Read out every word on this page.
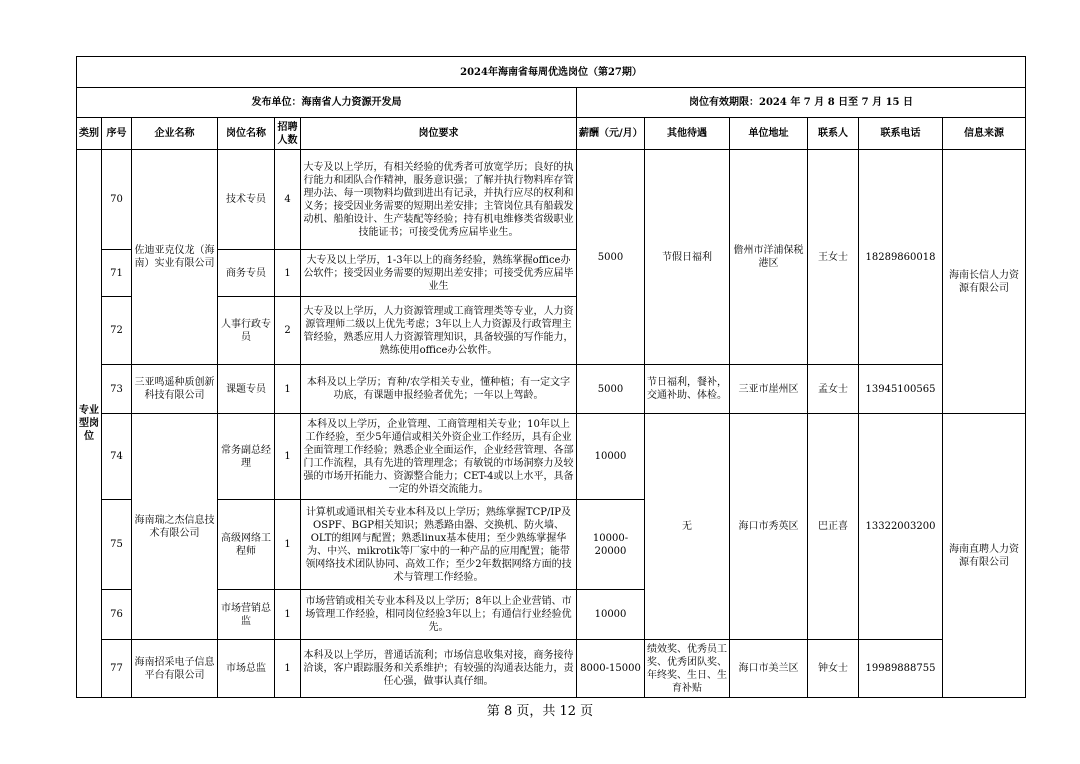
2024年海南省每周优选岗位（第27期）											
发布单位：海南省人力资源开发局						岗位有效期限：2024 年 7 月 8 日至 7 月 15 日					
类别	序号	企业名称	岗位名称	招聘人数	岗位要求	薪酬（元/月）	其他待遇	单位地址	联系人	联系电话	信息来源
专业型岗位	70	佐迪亚克仪龙（海南）实业有限公司	技术专员	4	大专及以上学历，有相关经验的优秀者可放宽学历；良好的执行能力和团队合作精神，服务意识强；了解并执行物料库存管理办法、每一项物料均做到进出有记录，并执行应尽的权利和义务；接受因业务需要的短期出差安排；主管岗位具有船载发动机、船舶设计、生产装配等经验；持有机电维修类省级职业技能证书；可接受优秀应届毕业生。	5000	节假日福利	儋州市洋浦保税港区	王女士	18289860018	海南长信人力资源有限公司
	71		商务专员	1	大专及以上学历，1-3年以上的商务经验，熟练掌握office办公软件；接受因业务需要的短期出差安排；可接受优秀应届毕业生						
	72		人事行政专员	2	大专及以上学历，人力资源管理或工商管理类等专业，人力资源管理师二级以上优先考虑；3年以上人力资源及行政管理主管经验，熟悉应用人力资源管理知识，具备较强的写作能力，熟练使用office办公软件。						
	73	三亚鸣遥种质创新科技有限公司	课题专员	1	本科及以上学历；育种/农学相关专业，懂种植；有一定文字功底，有课题申报经验者优先；一年以上驾龄。	5000	节日福利，餐补，交通补助、体检。	三亚市崖州区	孟女士	13945100565	
	74	海南瑞之杰信息技术有限公司	常务副总经理	1	本科及以上学历，企业管理、工商管理相关专业；10年以上工作经验，至少5年通信或相关外资企业工作经历，具有企业全面管理工作经验；熟悉企业全面运作，企业经营管理、各部门工作流程，具有先进的管理理念；有敏锐的市场洞察力及较强的市场开拓能力、资源整合能力；CET-4或以上水平，具备一定的外语交流能力。	10000	无	海口市秀英区	巴正喜	13322003200	海南直聘人力资源有限公司
	75		高级网络工程师	1	计算机或通讯相关专业本科及以上学历；熟练掌握TCP/IP及OSPF、BGP相关知识；熟悉路由器、交换机、防火墙、OLT的组网与配置；熟悉linux基本使用；至少熟练掌握华为、中兴、mikrotik等厂家中的一种产品的应用配置；能带领网络技术团队协同、高效工作；至少2年数据网络方面的技术与管理工作经验。	10000-20000					
	76		市场营销总监	1	市场营销或相关专业本科及以上学历；8年以上企业营销、市场管理工作经验，相同岗位经验3年以上；有通信行业经验优先。	10000					
	77	海南招采电子信息平台有限公司	市场总监	1	本科及以上学历，普通话流利；市场信息收集对接，商务接待洽谈，客户跟踪服务和关系维护；有较强的沟通表达能力，责任心强，做事认真仔细。	8000-15000	绩效奖、优秀员工奖、优秀团队奖、年终奖、生日、生育补贴	海口市美兰区	钟女士	19989888755	
第 8 页，共 12 页
